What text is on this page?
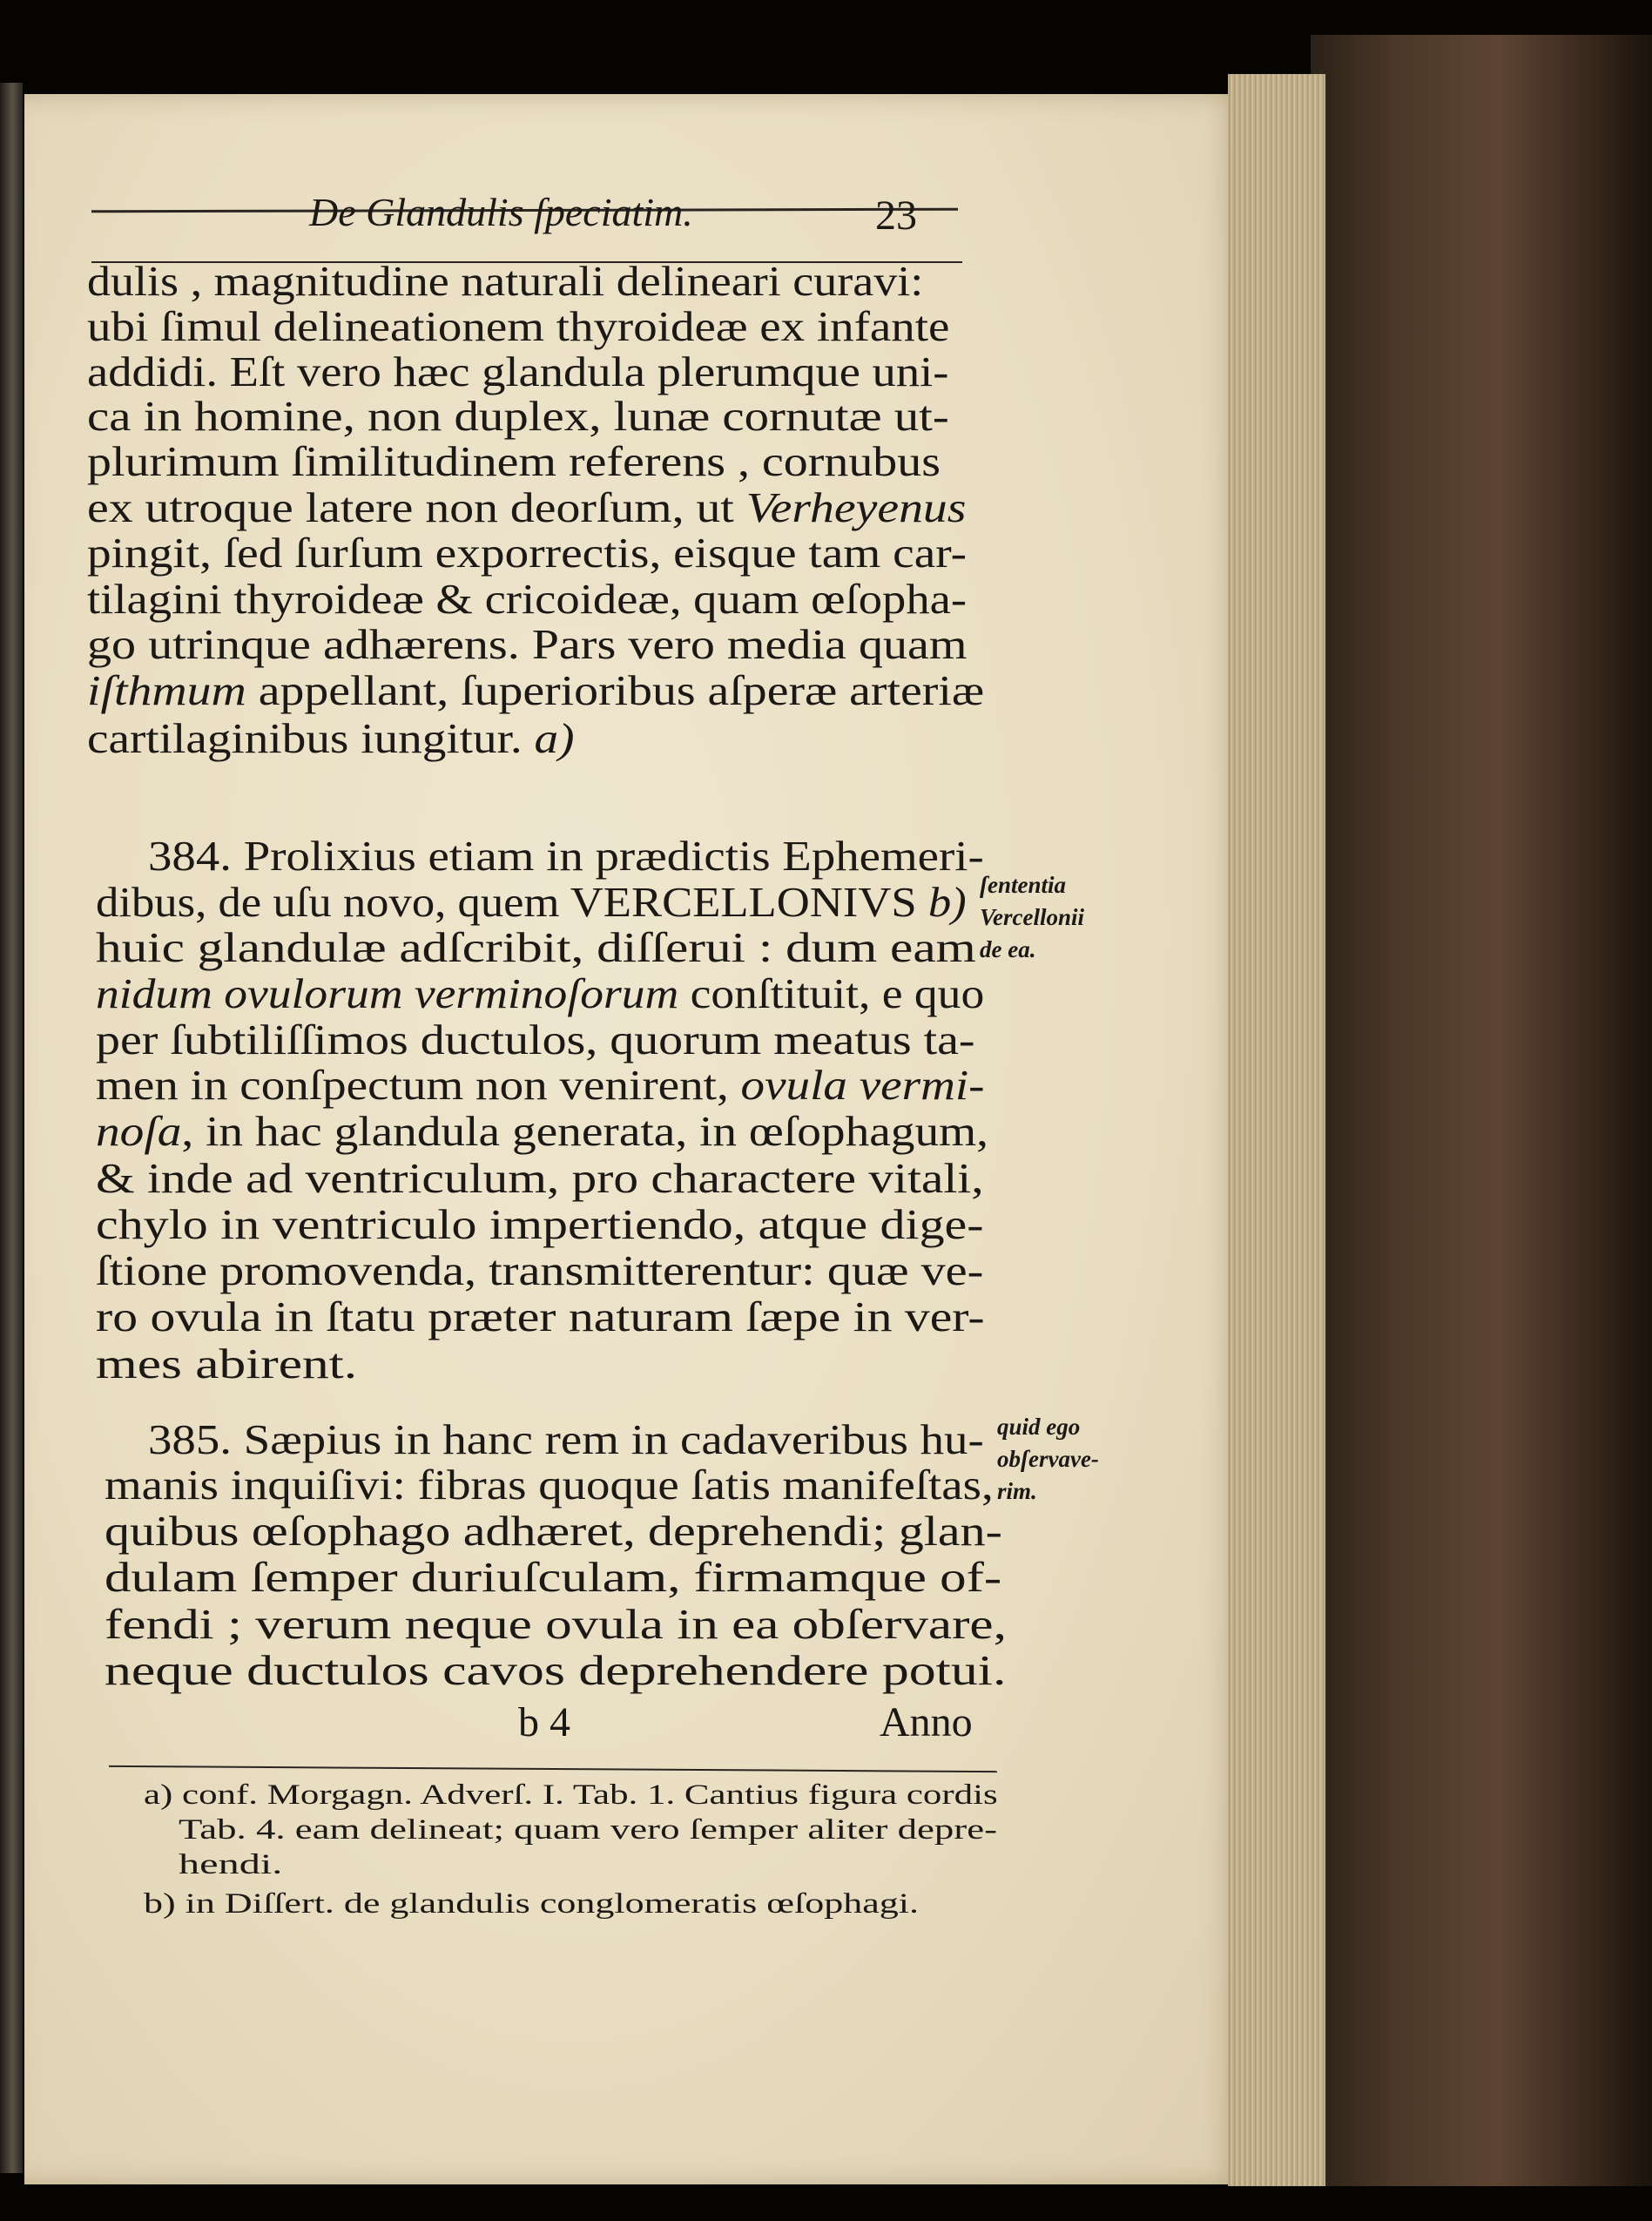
De Glandulis ſpeciatim.	23
dulis , magnitudine naturali delineari curavi:
ubi ſimul delineationem thyroideæ ex infante
addidi. Eſt vero hæc glandula plerumque uni-
ca in homine, non duplex, lunæ cornutæ ut-
plurimum ſimilitudinem referens , cornubus
ex utroque latere non deorſum, ut Verheyenus
pingit, ſed ſurſum exporrectis, eisque tam car-
tilagini thyroideæ & cricoideæ, quam œſopha-
go utrinque adhærens. Pars vero media quam
iſthmum appellant, ſuperioribus aſperæ arteriæ
cartilaginibus iungitur. a)
384. Prolixius etiam in prædictis Ephemeri-
dibus, de uſu novo, quem VERCELLONIVS b)
huic glandulæ adſcribit, diſſerui : dum eam
nidum ovulorum verminoſorum conſtituit, e quo
per ſubtiliſſimos ductulos, quorum meatus ta-
men in conſpectum non venirent, ovula vermi-
noſa, in hac glandula generata, in œſophagum,
& inde ad ventriculum, pro charactere vitali,
chylo in ventriculo impertiendo, atque dige-
ſtione promovenda, transmitterentur: quæ ve-
ro ovula in ſtatu præter naturam ſæpe in ver-
mes abirent.
385. Sæpius in hanc rem in cadaveribus hu-
manis inquiſivi: fibras quoque ſatis manifeſtas,
quibus œſophago adhæret, deprehendi; glan-
dulam ſemper duriuſculam, firmamque of-
fendi ; verum neque ovula in ea obſervare,
neque ductulos cavos deprehendere potui.
ſententia
Vercellonii
de ea.
quid ego
obſervave-
rim.
b 4	Anno
a) conf. Morgagn. Adverſ. I. Tab. 1. Cantius figura cordis
Tab. 4. eam delineat; quam vero ſemper aliter depre-
hendi.
b) in Diſſert. de glandulis conglomeratis œſophagi.
